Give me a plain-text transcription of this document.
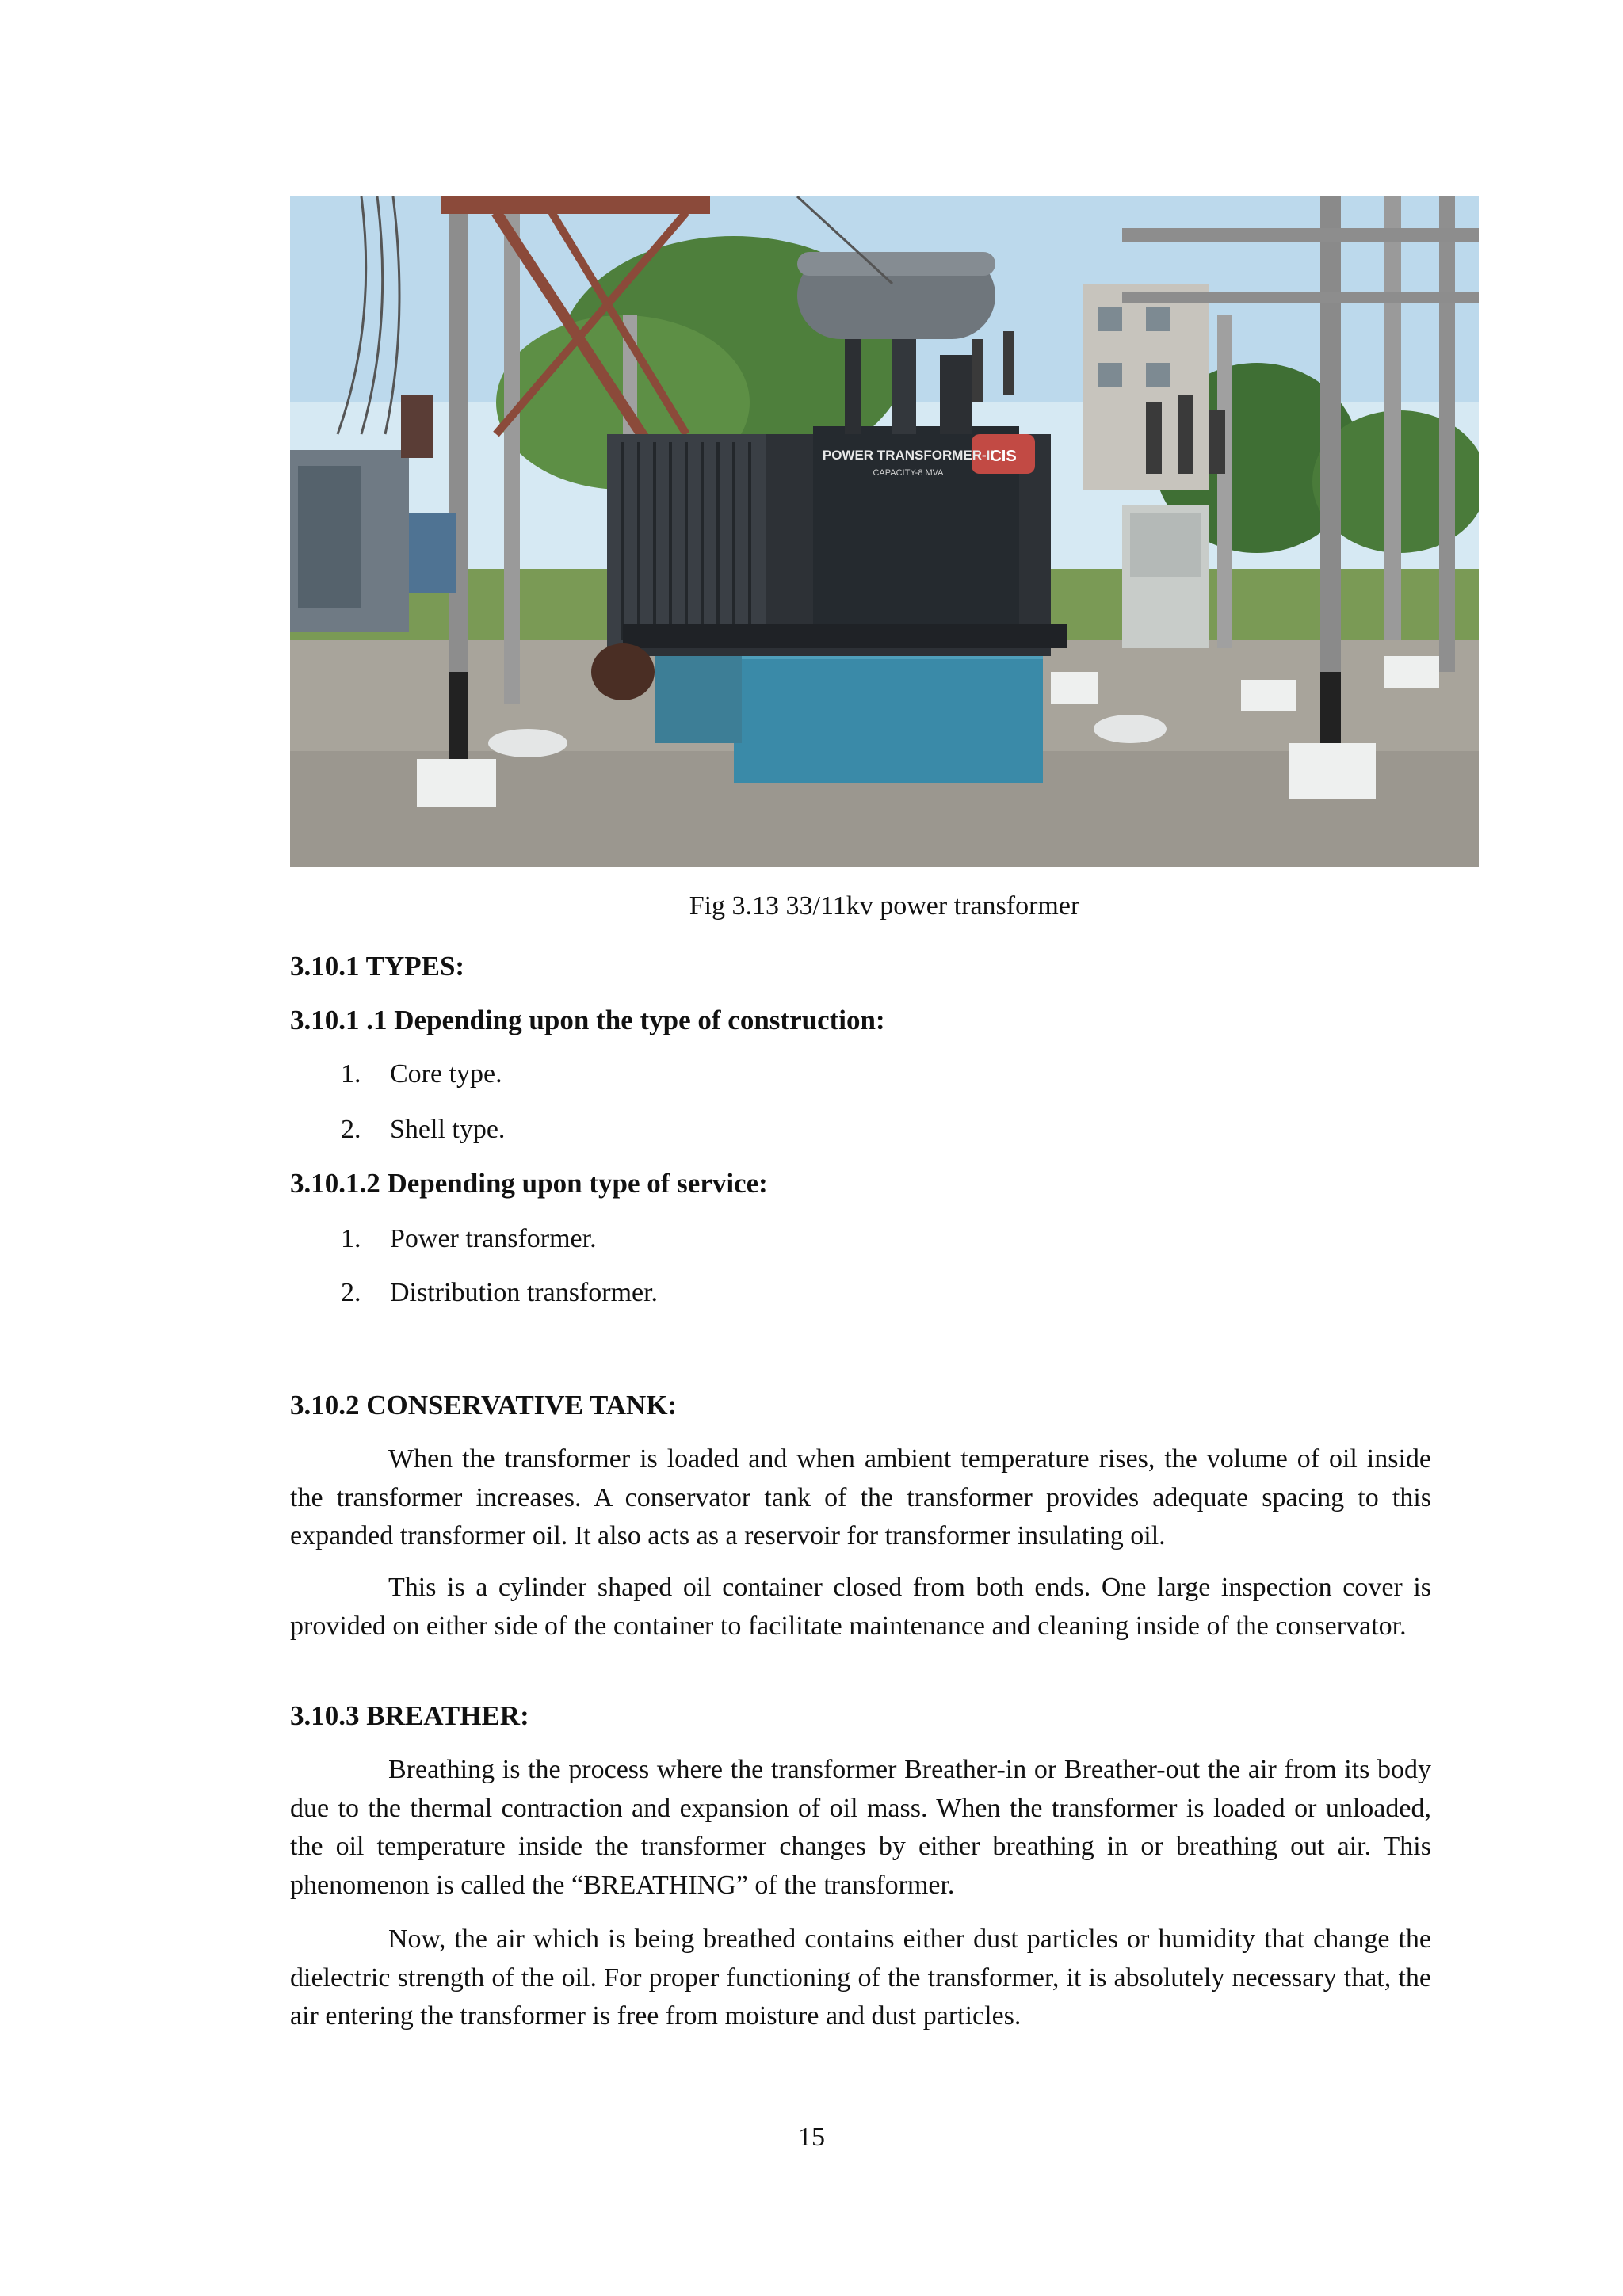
POWER TRANSFORMER-II
CAPACITY-8 MVA
CIS
Fig 3.13 33/11kv power transformer
3.10.1 TYPES:
3.10.1 .1 Depending upon the type of construction:
1. Core type.
2. Shell type.
3.10.1.2 Depending upon type of service:
1. Power transformer.
2. Distribution transformer.
3.10.2 CONSERVATIVE TANK:
When the transformer is loaded and when ambient temperature rises, the volume of oil inside the transformer increases. A conservator tank of the transformer provides adequate spacing to this expanded transformer oil. It also acts as a reservoir for transformer insulating oil.
This is a cylinder shaped oil container closed from both ends. One large inspection cover is provided on either side of the container to facilitate maintenance and cleaning inside of the conservator.
3.10.3 BREATHER:
Breathing is the process where the transformer Breather-in or Breather-out the air from its body due to the thermal contraction and expansion of oil mass. When the transformer is loaded or unloaded, the oil temperature inside the transformer changes by either breathing in or breathing out air. This phenomenon is called the “BREATHING” of the transformer.
Now, the air which is being breathed contains either dust particles or humidity that change the dielectric strength of the oil. For proper functioning of the transformer, it is absolutely necessary that, the air entering the transformer is free from moisture and dust particles.
15
